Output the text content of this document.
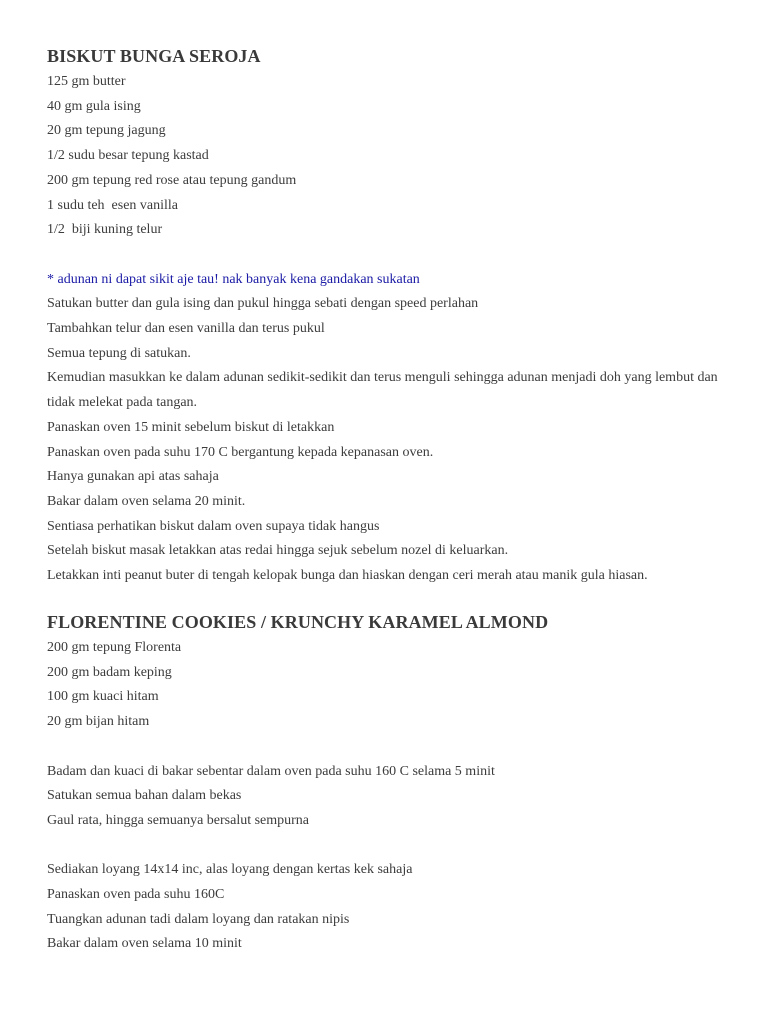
BISKUT BUNGA SEROJA

125 gm butter

40 gm gula ising

20 gm tepung jagung

1/2 sudu besar tepung kastad

200 gm tepung red rose atau tepung gandum

1 sudu teh  esen vanilla

1/2  biji kuning telur

* adunan ni dapat sikit aje tau! nak banyak kena gandakan sukatan

Satukan butter dan gula ising dan pukul hingga sebati dengan speed perlahan

Tambahkan telur dan esen vanilla dan terus pukul

Semua tepung di satukan.

Kemudian masukkan ke dalam adunan sedikit-sedikit dan terus menguli sehingga adunan menjadi doh yang lembut dan tidak melekat pada tangan.

Panaskan oven 15 minit sebelum biskut di letakkan

Panaskan oven pada suhu 170 C bergantung kepada kepanasan oven.

Hanya gunakan api atas sahaja

Bakar dalam oven selama 20 minit.

Sentiasa perhatikan biskut dalam oven supaya tidak hangus

Setelah biskut masak letakkan atas redai hingga sejuk sebelum nozel di keluarkan.

Letakkan inti peanut buter di tengah kelopak bunga dan hiaskan dengan ceri merah atau manik gula hiasan.

FLORENTINE COOKIES / KRUNCHY KARAMEL ALMOND

200 gm tepung Florenta

200 gm badam keping

100 gm kuaci hitam

20 gm bijan hitam

Badam dan kuaci di bakar sebentar dalam oven pada suhu 160 C selama 5 minit

Satukan semua bahan dalam bekas

Gaul rata, hingga semuanya bersalut sempurna

Sediakan loyang 14x14 inc, alas loyang dengan kertas kek sahaja

Panaskan oven pada suhu 160C

Tuangkan adunan tadi dalam loyang dan ratakan nipis

Bakar dalam oven selama 10 minit
